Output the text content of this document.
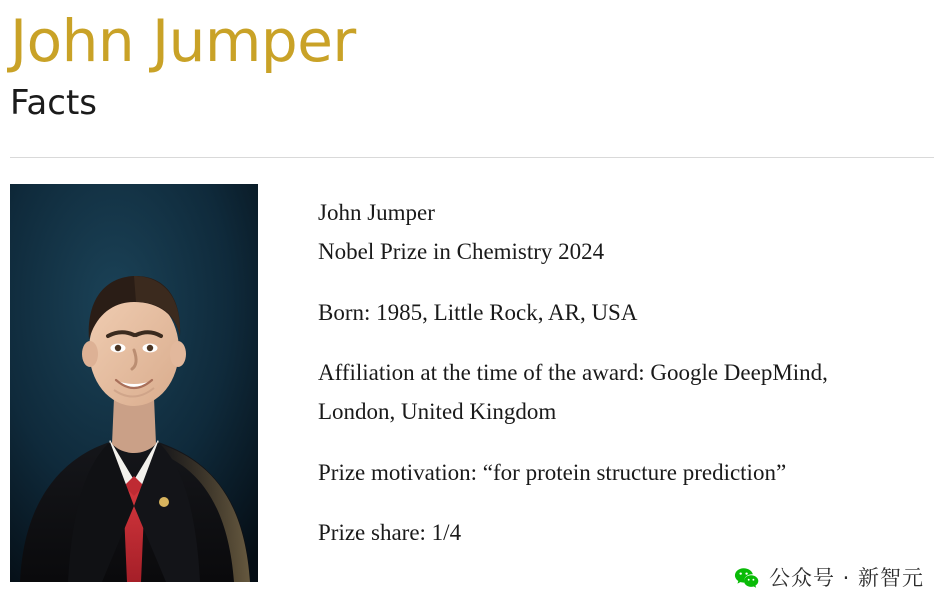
John Jumper
Facts

John Jumper
Nobel Prize in Chemistry 2024

Born: 1985, Little Rock, AR, USA

Affiliation at the time of the award: Google DeepMind,
London, United Kingdom

Prize motivation: “for protein structure prediction”

Prize share: 1/4

公众号 · 新智元
